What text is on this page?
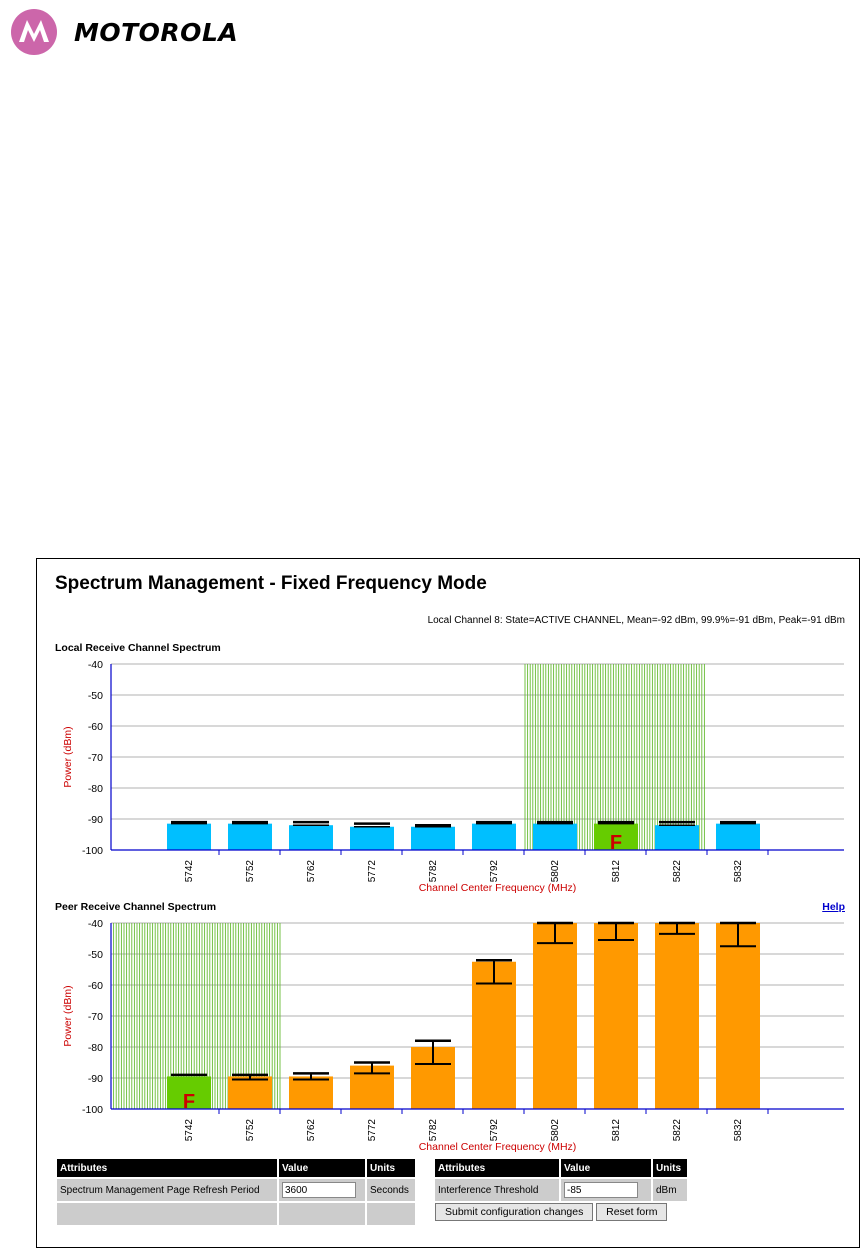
MOTOROLA
Spectrum Management - Fixed Frequency Mode
Local Channel 8: State=ACTIVE CHANNEL, Mean=-92 dBm, 99.9%=-91 dBm, Peak=-91 dBm
Local Receive Channel Spectrum
-40
-50
-60
-70
-80
-90
-100
5742	5752	5762	5772	5782	5792	5802
F
5812	5822	5832
Channel Center Frequency (MHz)
Power (dBm)
Peer Receive Channel Spectrum	Help
-40
-50
-60
-70
-80
-90
-100	F
5742	5752	5762	5772	5782	5792	5802	5812	5822	5832
Channel Center Frequency (MHz)
Power (dBm)
Attributes	Value	Units
Spectrum Management Page Refresh Period	3600	Seconds

Attributes	Value	Units
Interference Threshold	-85	dBm
Submit configuration changes Reset form		
